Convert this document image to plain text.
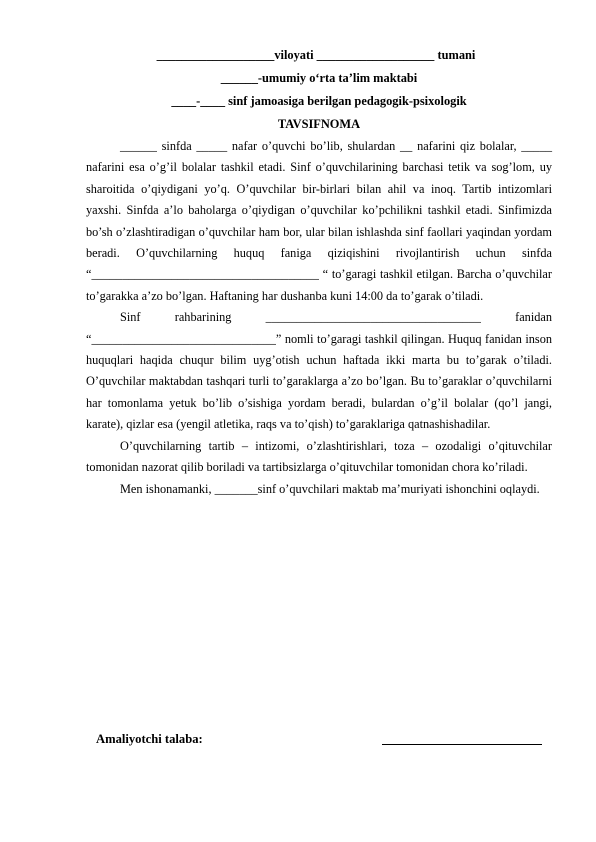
___________________viloyati ___________________ tumani
______-umumiy o‘rta ta’lim maktabi
____-____ sinf jamoasiga berilgan pedagogik-psixologik
TAVSIFNOMA

______ sinfda _____ nafar o’quvchi bo’lib, shulardan __ nafarini qiz bolalar, _____ nafarini esa o’g’il bolalar tashkil etadi. Sinf o’quvchilarining barchasi tetik va sog’lom, uy sharoitida o’qiydigani yo’q. O’quvchilar bir-birlari bilan ahil va inoq. Tartib intizomlari yaxshi. Sinfda a’lo baholarga o’qiydigan o’quvchilar ko’pchilikni tashkil etadi. Sinfimizda bo’sh o’zlashtiradigan o’quvchilar ham bor, ular bilan ishlashda sinf faollari yaqindan yordam beradi. O’quvchilarning huquq faniga qiziqishini rivojlantirish uchun sinfda “_____________________________________ “ to’garagi tashkil etilgan. Barcha o’quvchilar to’garakka a’zo bo’lgan. Haftaning har dushanba kuni 14:00 da to’garak o’tiladi.

Sinf rahbarining ___________________________________ fanidan “______________________________” nomli to’garagi tashkil qilingan. Huquq fanidan inson huquqlari haqida chuqur bilim uyg’otish uchun haftada ikki marta bu to’garak o’tiladi. O’quvchilar maktabdan tashqari turli to’garaklarga a’zo bo’lgan. Bu to’garaklar o’quvchilarni har tomonlama yetuk bo’lib o’sishiga yordam beradi, bulardan o’g’il bolalar (qo’l jangi, karate), qizlar esa (yengil atletika, raqs va to’qish) to’garaklariga qatnashishadilar.

O’quvchilarning tartib – intizomi, o’zlashtirishlari, toza – ozodaligi o’qituvchilar tomonidan nazorat qilib boriladi va tartibsizlarga o’qituvchilar tomonidan chora ko’riladi.

Men ishonamanki, _______sinf o’quvchilari maktab ma’muriyati ishonchini oqlaydi.

Amaliyotchi talaba:
